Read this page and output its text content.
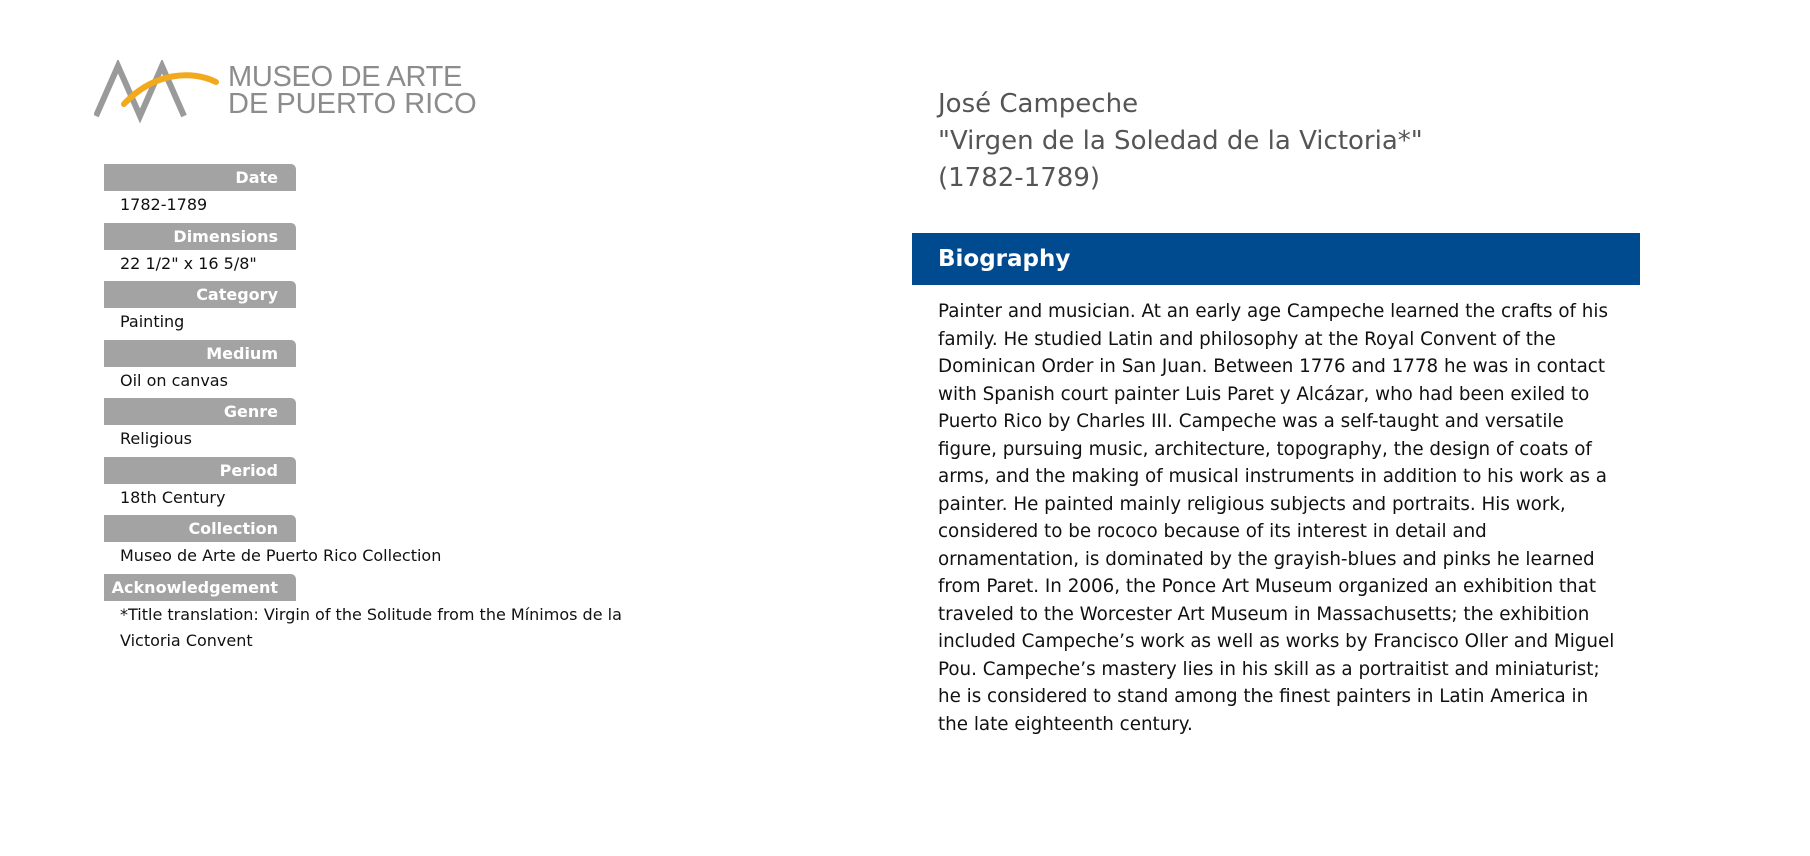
MUSEO DE ARTE
DE PUERTO RICO
Date
1782-1789
Dimensions
22 1/2" x 16 5/8"
Category
Painting
Medium
Oil on canvas
Genre
Religious
Period
18th Century
Collection
Museo de Arte de Puerto Rico Collection
Acknowledgement
*Title translation: Virgin of the Solitude from the Mínimos de la Victoria Convent
José Campeche
"Virgen de la Soledad de la Victoria*"
(1782-1789)
Biography

Painter and musician. At an early age Campeche learned the crafts of his family. He studied Latin and philosophy at the Royal Convent of the Dominican Order in San Juan. Between 1776 and 1778 he was in contact with Spanish court painter Luis Paret y Alcázar, who had been exiled to Puerto Rico by Charles III. Campeche was a self-taught and versatile figure, pursuing music, architecture, topography, the design of coats of arms, and the making of musical instruments in addition to his work as a painter. He painted mainly religious subjects and portraits. His work, considered to be rococo because of its interest in detail and ornamentation, is dominated by the grayish-blues and pinks he learned from Paret. In 2006, the Ponce Art Museum organized an exhibition that traveled to the Worcester Art Museum in Massachusetts; the exhibition included Campeche’s work as well as works by Francisco Oller and Miguel Pou. Campeche’s mastery lies in his skill as a portraitist and miniaturist; he is considered to stand among the finest painters in Latin America in the late eighteenth century.
